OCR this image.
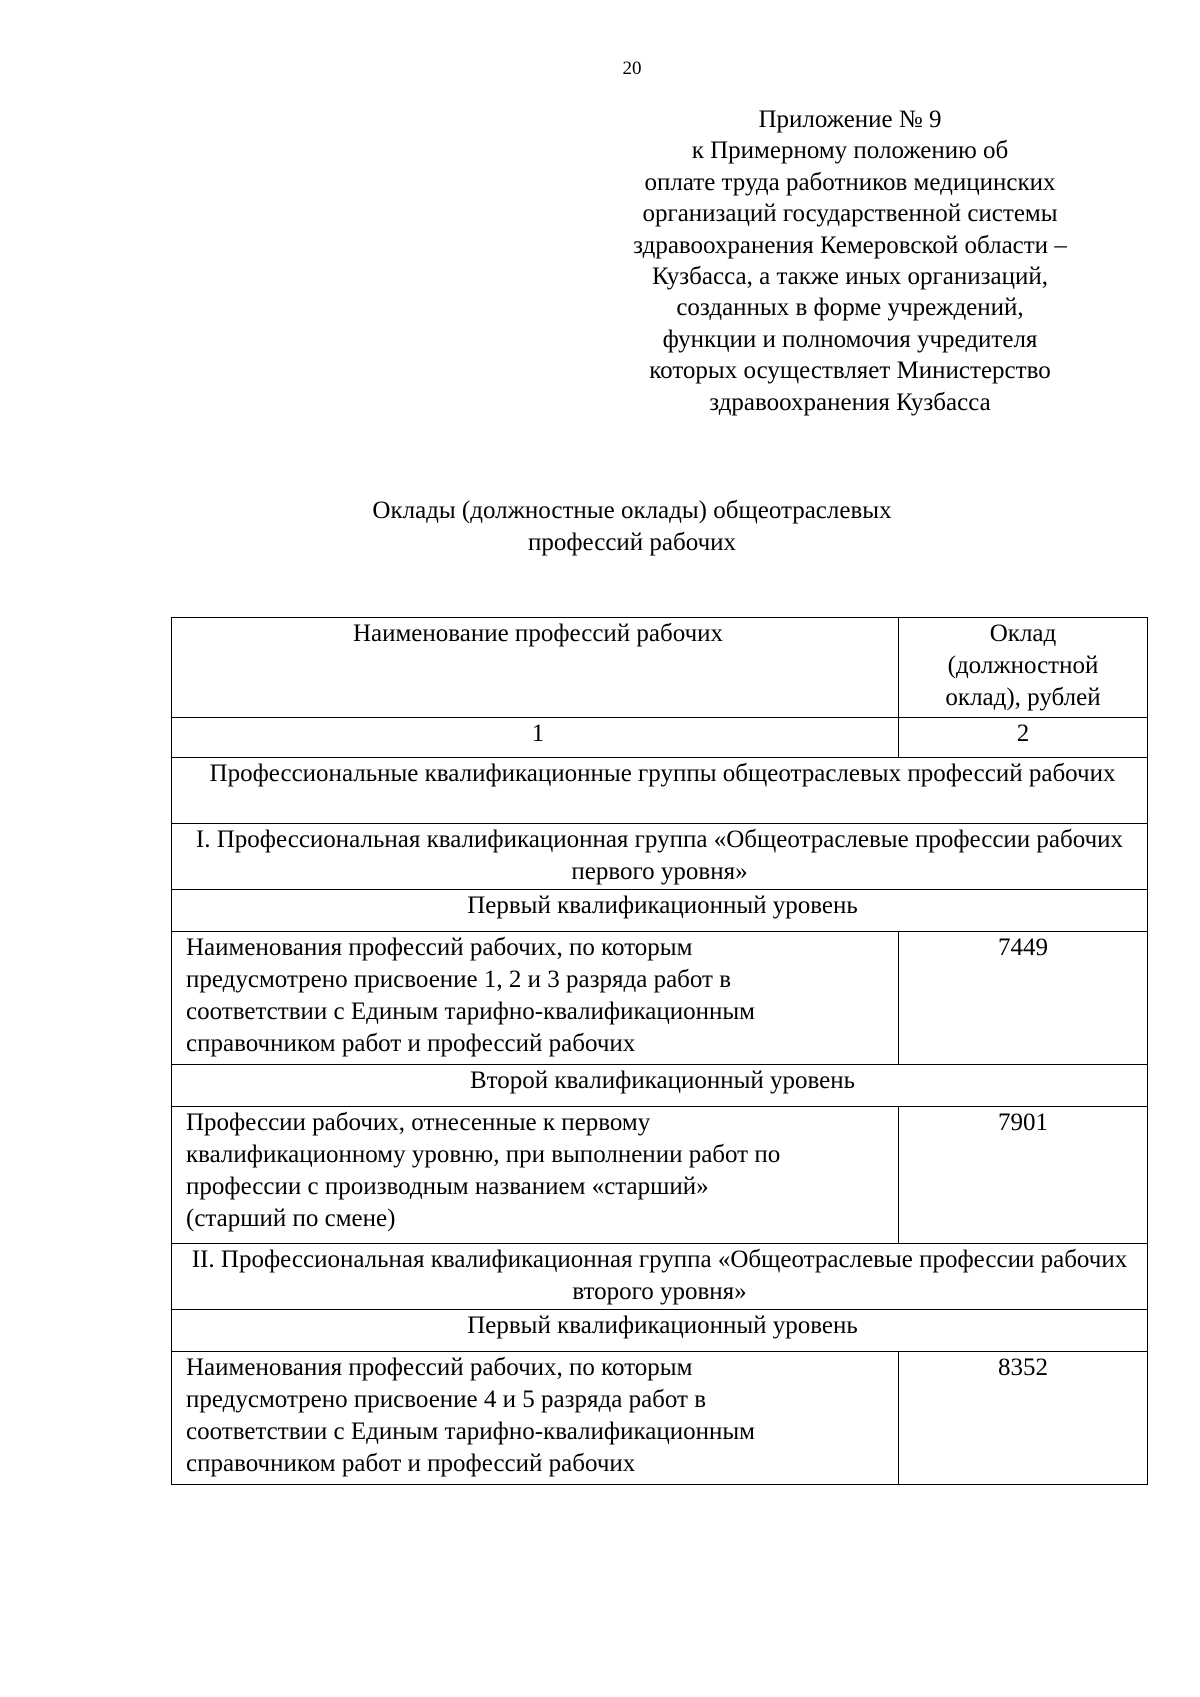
20
Приложение № 9
к Примерному положению об
оплате труда работников медицинских
организаций государственной системы
здравоохранения Кемеровской области –
Кузбасса, а также иных организаций,
созданных в форме учреждений,
функции и полномочия учредителя
которых осуществляет Министерство
здравоохранения Кузбасса
Оклады (должностные оклады) общеотраслевых
профессий рабочих
Наименование профессий рабочих	Оклад
(должностной
оклад), рублей

1	2
Профессиональные квалификационные группы общеотраслевых профессий рабочих	
I. Профессиональная квалификационная группа «Общеотраслевые профессии рабочих первого уровня»	
Первый квалификационный уровень	

Наименования профессий рабочих, по которым
предусмотрено присвоение 1, 2 и 3 разряда работ в
соответствии с Единым тарифно-квалификационным
справочником работ и профессий рабочих	7449
Второй квалификационный уровень	

Профессии рабочих, отнесенные к первому
квалификационному уровню, при выполнении работ по
профессии с производным названием «старший»
(старший по смене)	7901
II. Профессиональная квалификационная группа «Общеотраслевые профессии рабочих второго уровня»	
Первый квалификационный уровень	

Наименования профессий рабочих, по которым
предусмотрено присвоение 4 и 5 разряда работ в
соответствии с Единым тарифно-квалификационным
справочником работ и профессий рабочих	8352
